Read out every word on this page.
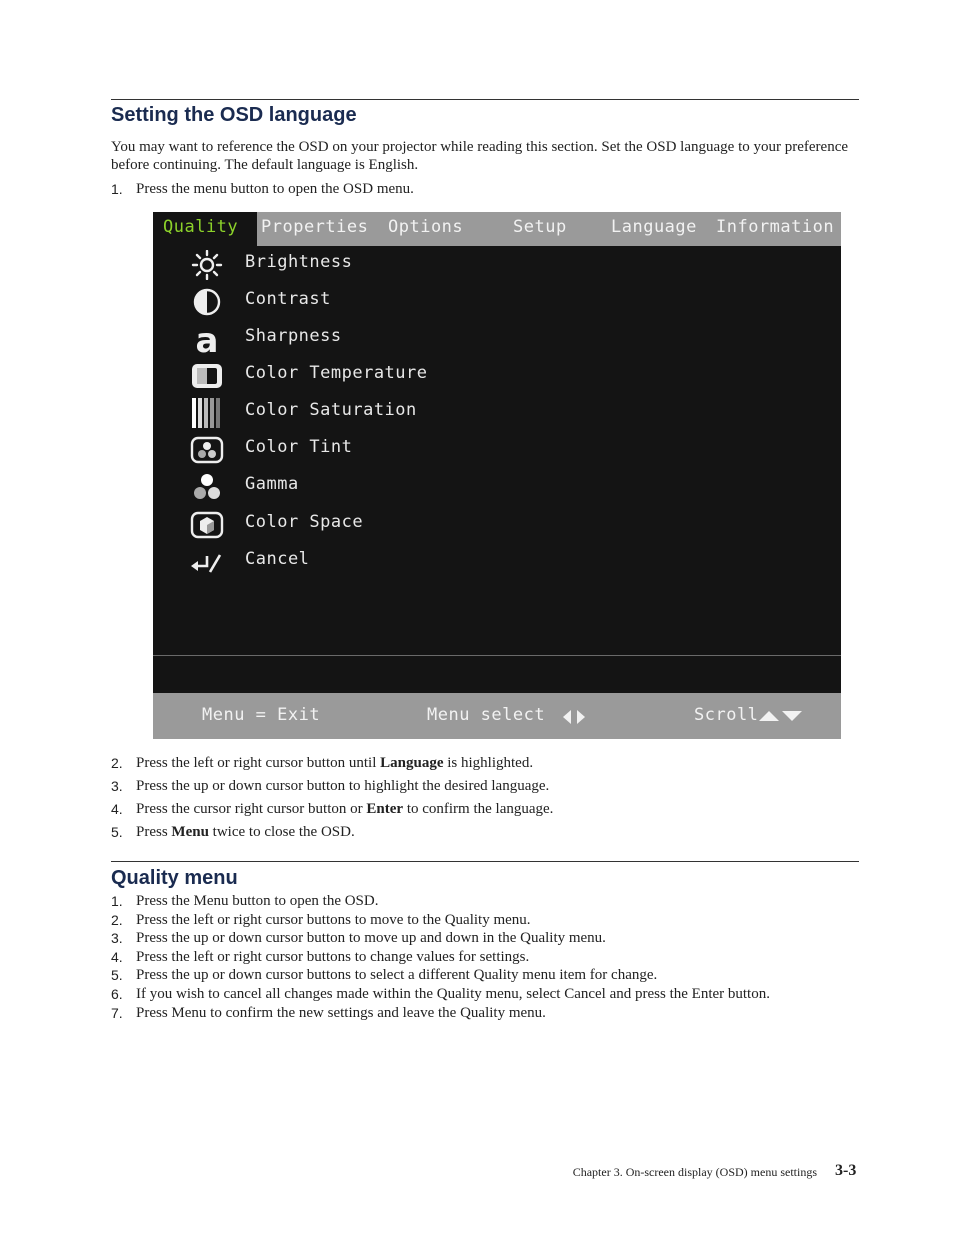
Setting the OSD language

You may want to reference the OSD on your projector while reading this section. Set the OSD language to your preference before continuing. The default language is English.

1. Press the menu button to open the OSD menu.
Quality	Properties Options	Setup	Language Information
Brightness
Contrast
a Sharpness
Color Temperature
Color Saturation
Color Tint
Gamma
Color Space
Cancel
Menu = Exit	Menu select	Scroll
2. Press the left or right cursor button until Language is highlighted.
3. Press the up or down cursor button to highlight the desired language.
4. Press the cursor right cursor button or Enter to confirm the language.
5. Press Menu twice to close the OSD.
Quality menu
1. Press the Menu button to open the OSD.
2. Press the left or right cursor buttons to move to the Quality menu.
3. Press the up or down cursor button to move up and down in the Quality menu.
4. Press the left or right cursor buttons to change values for settings.
5. Press the up or down cursor buttons to select a different Quality menu item for change.
6. If you wish to cancel all changes made within the Quality menu, select Cancel and press the Enter button.
7. Press Menu to confirm the new settings and leave the Quality menu.
Chapter 3. On-screen display (OSD) menu settings 3-3
